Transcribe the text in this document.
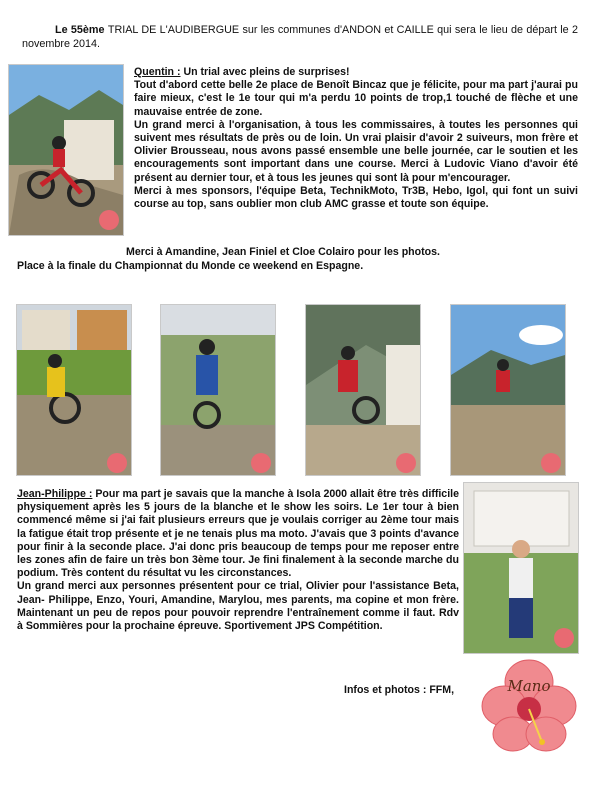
Le 55ème TRIAL DE L'AUDIBERGUE sur les communes d'ANDON et CAILLE qui sera le lieu de départ le 2 novembre 2014.

Quentin : Un trial avec pleins de surprises!

Tout d'abord cette belle 2e place de Benoît Bincaz que je félicite, pour ma part j'aurai pu faire mieux, c'est le 1e tour qui m'a perdu 10 points de trop,1 touché de flèche et une mauvaise entrée de zone.

Un grand merci à l'organisation, à tous les commissaires, à toutes les personnes qui suivent mes résultats de près ou de loin. Un vrai plaisir d'avoir 2 suiveurs, mon frère et Olivier Brousseau, nous avons passé ensemble une belle journée, car le soutien et les encouragements sont important dans une course. Merci à Ludovic Viano d'avoir été présent au dernier tour, et à tous les jeunes qui sont là pour m'encourager.

Merci à mes sponsors, l'équipe Beta, TechnikMoto, Tr3B, Hebo, Igol, qui font un suivi course au top, sans oublier mon club AMC grasse et toute son équipe.

Merci à Amandine, Jean Finiel et Cloe Colairo pour les photos.
Place à la finale du Championnat du Monde ce weekend en Espagne.

Jean-Philippe : Pour ma part je savais que la manche à Isola 2000 allait être très difficile physiquement après les 5 jours de la blanche et le show les soirs. Le 1er tour à bien commencé même si j'ai fait plusieurs erreurs que je voulais corriger au 2ème tour mais la fatigue était trop présente et je ne tenais plus ma moto. J'avais que 3 points d'avance pour finir à la seconde place. J'ai donc pris beaucoup de temps pour me reposer entre les zones afin de faire un très bon 3ème tour. Je fini finalement à la seconde marche du podium. Très content du résultat vu les circonstances.

Un grand merci aux personnes présentent pour ce trial, Olivier pour l'assistance Beta, Jean- Philippe, Enzo, Youri, Amandine, Marylou, mes parents, ma copine et mon frère. Maintenant un peu de repos pour pouvoir reprendre l'entraînement comme il faut. Rdv à Sommières pour la prochaine épreuve. Sportivement JPS Compétition.

Infos et photos : FFM,	Mano
